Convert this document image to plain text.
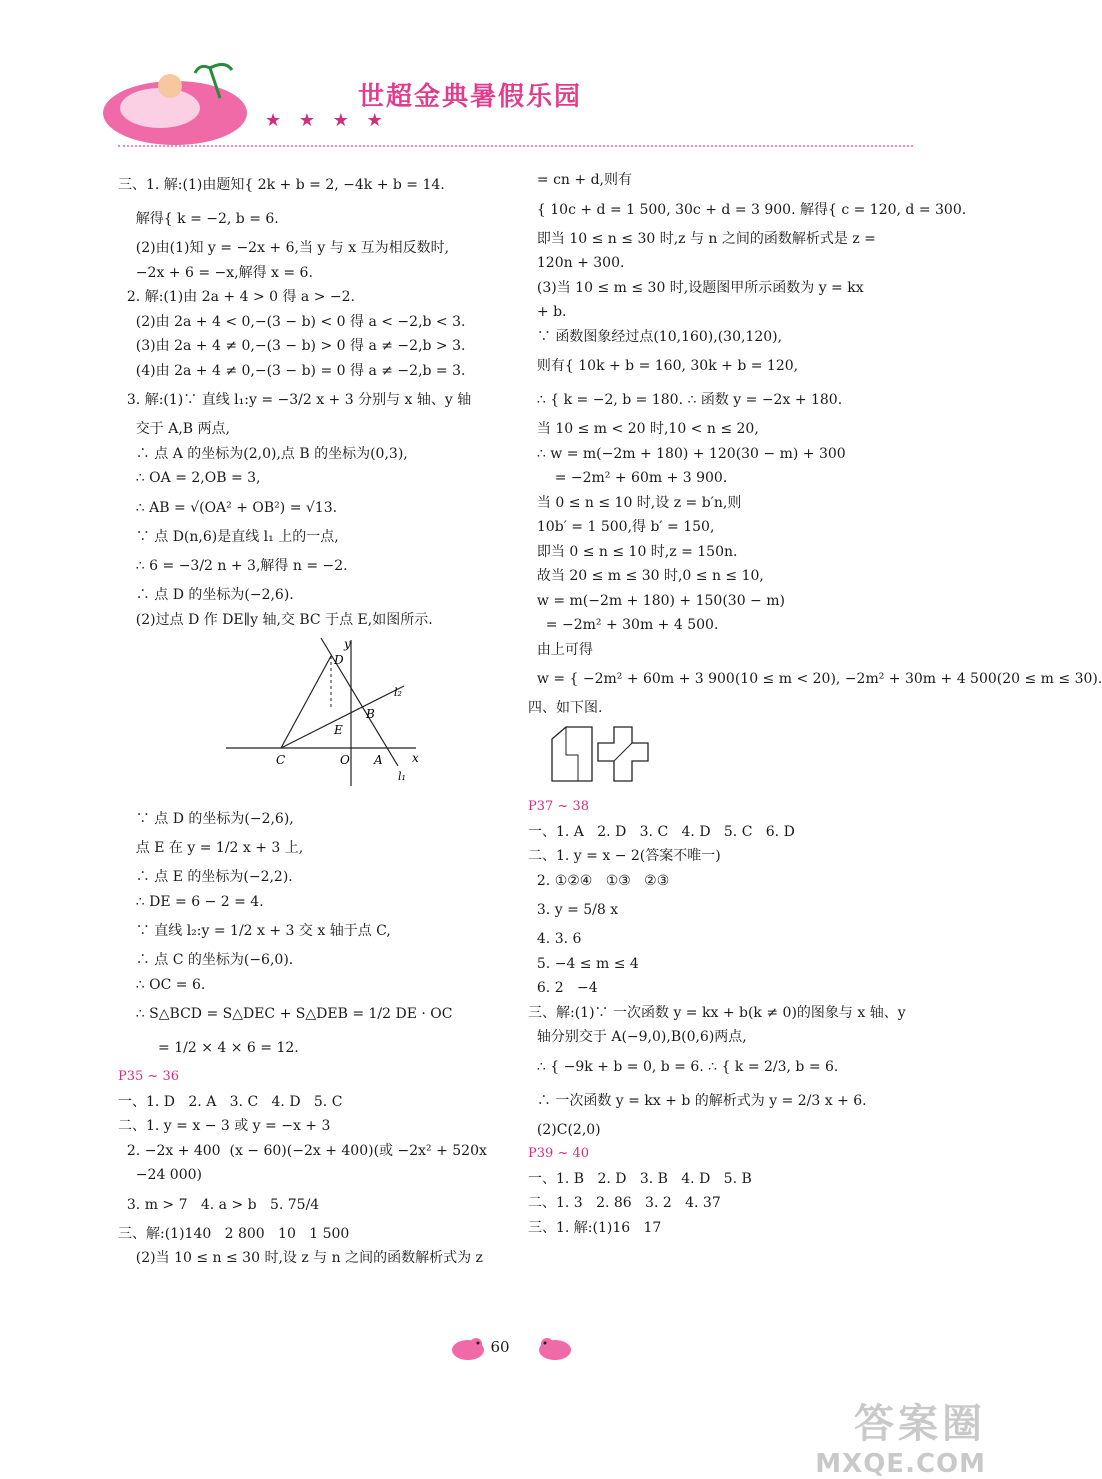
★ ★ ★ ★
世超金典暑假乐园
三、1. 解:(1)由题知{ 2k + b = 2, −4k + b = 14.
解得{ k = −2, b = 6.
(2)由(1)知 y = −2x + 6,当 y 与 x 互为相反数时,
−2x + 6 = −x,解得 x = 6.
2. 解:(1)由 2a + 4 > 0 得 a > −2.
(2)由 2a + 4 < 0,−(3 − b) < 0 得 a < −2,b < 3.
(3)由 2a + 4 ≠ 0,−(3 − b) > 0 得 a ≠ −2,b > 3.
(4)由 2a + 4 ≠ 0,−(3 − b) = 0 得 a ≠ −2,b = 3.
3. 解:(1)∵ 直线 l₁:y = −3/2 x + 3 分别与 x 轴、y 轴
交于 A,B 两点,
∴ 点 A 的坐标为(2,0),点 B 的坐标为(0,3),
∴ OA = 2,OB = 3,
∴ AB = √(OA² + OB²) = √13.
∵ 点 D(n,6)是直线 l₁ 上的一点,
∴ 6 = −3/2 n + 3,解得 n = −2.
∴ 点 D 的坐标为(−2,6).
(2)过点 D 作 DE∥y 轴,交 BC 于点 E,如图所示.
y
x
D
l₂
B
E
C	O A
l₁
∵ 点 D 的坐标为(−2,6),
点 E 在 y = 1/2 x + 3 上,
∴ 点 E 的坐标为(−2,2).
∴ DE = 6 − 2 = 4.
∵ 直线 l₂:y = 1/2 x + 3 交 x 轴于点 C,
∴ 点 C 的坐标为(−6,0).
∴ OC = 6.
∴ S△BCD = S△DEC + S△DEB = 1/2 DE · OC
= 1/2 × 4 × 6 = 12.
P35 ~ 36
一、1. D   2. A   3. C   4. D   5. C
二、1. y = x − 3 或 y = −x + 3
2. −2x + 400  (x − 60)(−2x + 400)(或 −2x² + 520x
−24 000)
3. m > 7   4. a > b   5. 75/4
三、解:(1)140   2 800   10   1 500
(2)当 10 ≤ n ≤ 30 时,设 z 与 n 之间的函数解析式为 z
= cn + d,则有
{ 10c + d = 1 500, 30c + d = 3 900. 解得{ c = 120, d = 300.
即当 10 ≤ n ≤ 30 时,z 与 n 之间的函数解析式是 z =
120n + 300.
(3)当 10 ≤ m ≤ 30 时,设题图甲所示函数为 y = kx
+ b.
∵ 函数图象经过点(10,160),(30,120),
则有{ 10k + b = 160, 30k + b = 120,
∴ { k = −2, b = 180. ∴ 函数 y = −2x + 180.
当 10 ≤ m < 20 时,10 < n ≤ 20,
∴ w = m(−2m + 180) + 120(30 − m) + 300
= −2m² + 60m + 3 900.
当 0 ≤ n ≤ 10 时,设 z = b′n,则
10b′ = 1 500,得 b′ = 150,
即当 0 ≤ n ≤ 10 时,z = 150n.
故当 20 ≤ m ≤ 30 时,0 ≤ n ≤ 10,
w = m(−2m + 180) + 150(30 − m)
= −2m² + 30m + 4 500.
由上可得
w = { −2m² + 60m + 3 900(10 ≤ m < 20), −2m² + 30m + 4 500(20 ≤ m ≤ 30).
四、如下图.
P37 ~ 38
一、1. A   2. D   3. C   4. D   5. C   6. D
二、1. y = x − 2(答案不唯一)
2. ①②④   ①③   ②③
3. y = 5/8 x
4. 3. 6
5. −4 ≤ m ≤ 4
6. 2   −4
三、解:(1)∵ 一次函数 y = kx + b(k ≠ 0)的图象与 x 轴、y
轴分别交于 A(−9,0),B(0,6)两点,
∴ { −9k + b = 0, b = 6. ∴ { k = 2/3, b = 6.
∴ 一次函数 y = kx + b 的解析式为 y = 2/3 x + 6.
(2)C(2,0)
P39 ~ 40
一、1. B   2. D   3. B   4. D   5. B
二、1. 3   2. 86   3. 2   4. 37
三、1. 解:(1)16   17
60
答案圈
MXQE.COM
